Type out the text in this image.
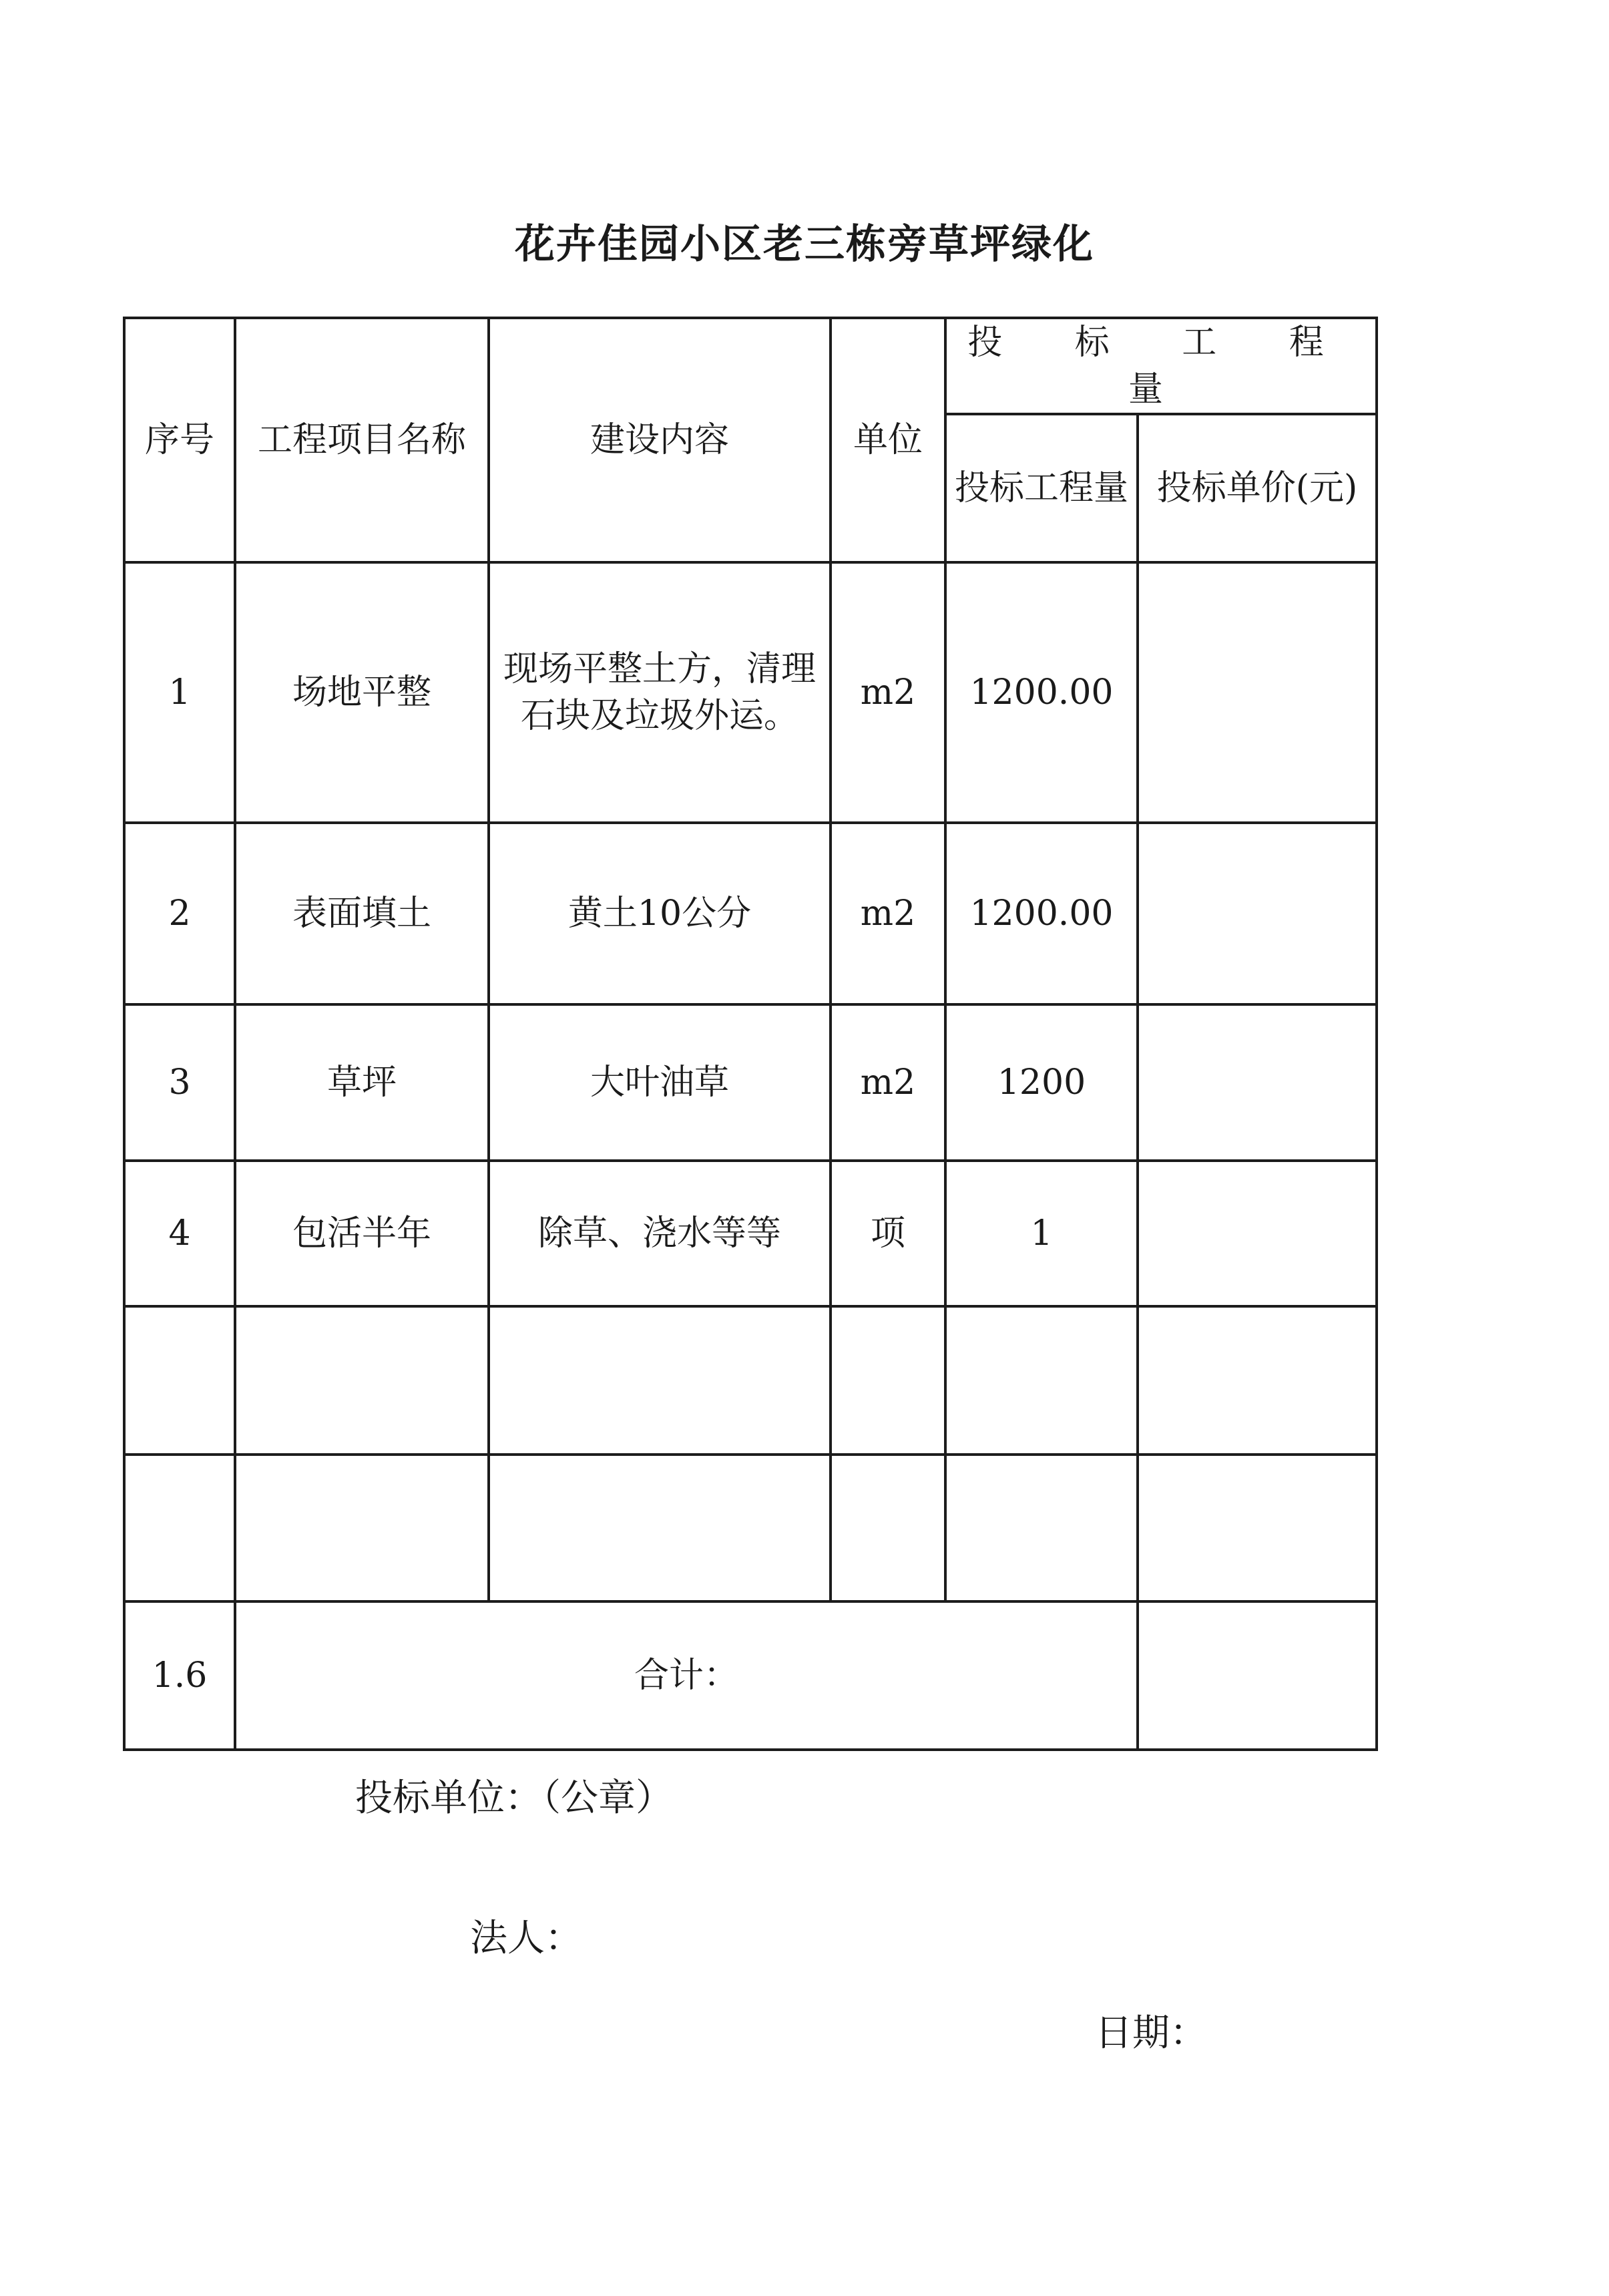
花卉佳园小区老三栋旁草坪绿化
序号	工程项目名称	建设内容	单位	投 标 工 程 量	
				投标工程量	投标单价(元)
1	场地平整	现场平整土方，清理石块及垃圾外运。	m2	1200.00	
2	表面填土	黄土10公分	m2	1200.00	
3	草坪	大叶油草	m2	1200	
4	包活半年	除草、浇水等等	项	1	

1.6	合计：				
投标单位：（公章）
法人：
日期：
